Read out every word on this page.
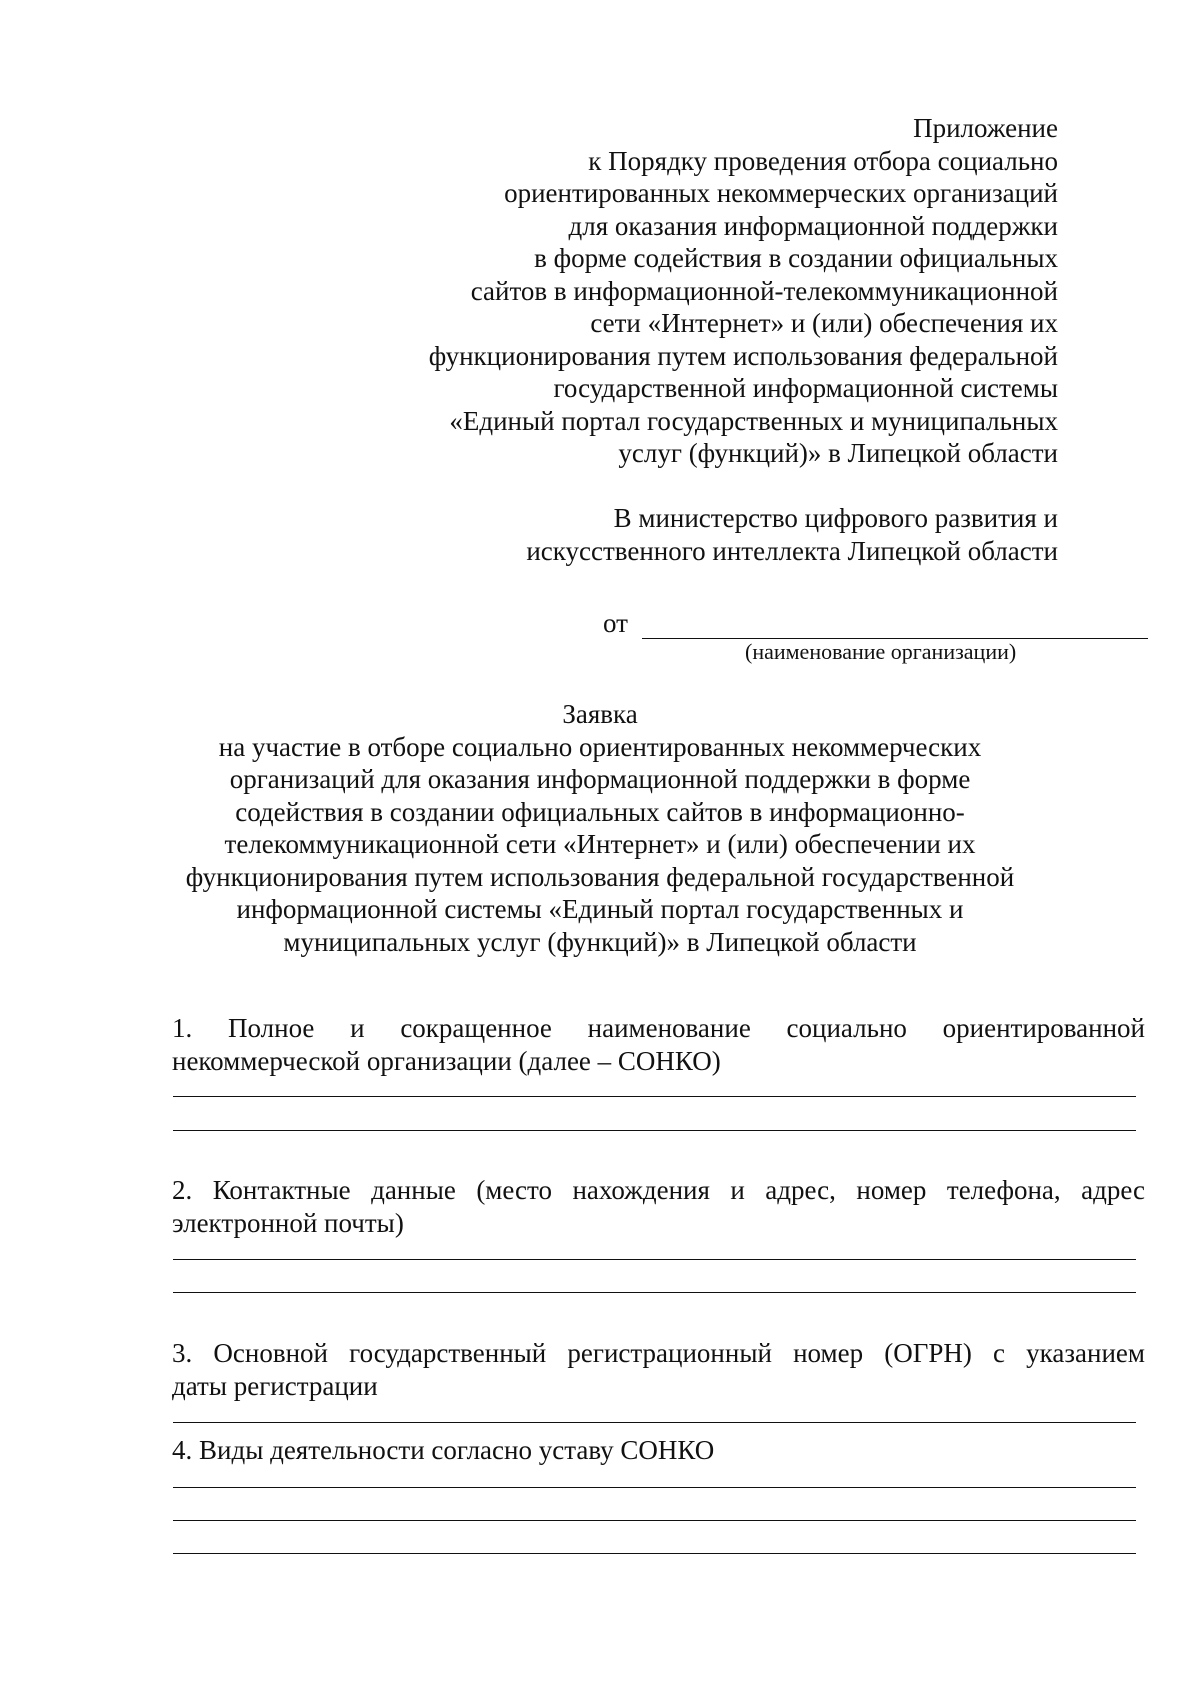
Приложение
к Порядку проведения отбора социально
ориентированных некоммерческих организаций
для оказания информационной поддержки
в форме содействия в создании официальных
сайтов в информационной-телекоммуникационной
сети «Интернет» и (или) обеспечения их
функционирования путем использования федеральной
государственной информационной системы
«Единый портал государственных и муниципальных
услуг (функций)» в Липецкой области
В министерство цифрового развития и
искусственного интеллекта Липецкой области
от
(наименование организации)
Заявка
на участие в отборе социально ориентированных некоммерческих
организаций для оказания информационной поддержки в форме
содействия в создании официальных сайтов в информационно-
телекоммуникационной сети «Интернет» и (или) обеспечении их
функционирования путем использования федеральной государственной
информационной системы «Единый портал государственных и
муниципальных услуг (функций)» в Липецкой области
1. Полное и сокращенное наименование социально ориентированной
некоммерческой организации (далее – СОНКО)
2. Контактные данные (место нахождения и адрес, номер телефона, адрес
электронной почты)
3. Основной государственный регистрационный номер (ОГРН) с указанием
даты регистрации
4. Виды деятельности согласно уставу СОНКО
